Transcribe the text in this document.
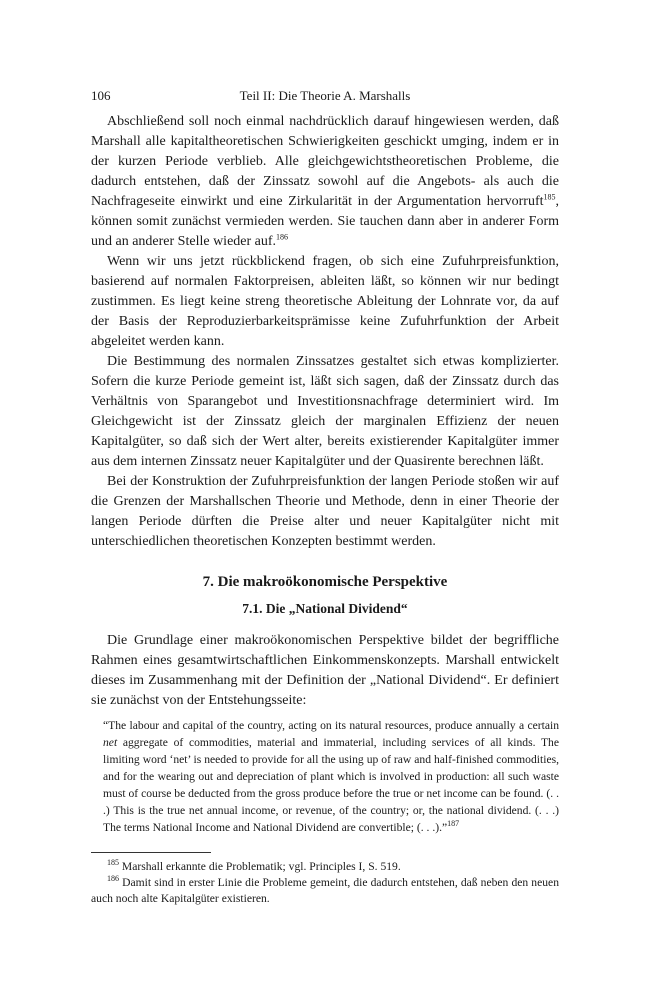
106	Teil II: Die Theorie A. Marshalls

Abschließend soll noch einmal nachdrücklich darauf hingewiesen werden, daß Marshall alle kapitaltheoretischen Schwierigkeiten geschickt umging, indem er in der kurzen Periode verblieb. Alle gleichgewichtstheoretischen Probleme, die dadurch entstehen, daß der Zinssatz sowohl auf die Angebots- als auch die Nachfrageseite einwirkt und eine Zirkularität in der Argumentation hervorruft$^{185}$, können somit zunächst vermieden werden. Sie tauchen dann aber in anderer Form und an anderer Stelle wieder auf.$^{186}$

Wenn wir uns jetzt rückblickend fragen, ob sich eine Zufuhrpreisfunktion, basierend auf normalen Faktorpreisen, ableiten läßt, so können wir nur bedingt zustimmen. Es liegt keine streng theoretische Ableitung der Lohnrate vor, da auf der Basis der Reproduzierbarkeitsprämisse keine Zufuhrfunktion der Arbeit abgeleitet werden kann.

Die Bestimmung des normalen Zinssatzes gestaltet sich etwas komplizierter. Sofern die kurze Periode gemeint ist, läßt sich sagen, daß der Zinssatz durch das Verhältnis von Sparangebot und Investitionsnachfrage determiniert wird. Im Gleichgewicht ist der Zinssatz gleich der marginalen Effizienz der neuen Kapitalgüter, so daß sich der Wert alter, bereits existierender Kapitalgüter immer aus dem internen Zinssatz neuer Kapitalgüter und der Quasirente berechnen läßt.

Bei der Konstruktion der Zufuhrpreisfunktion der langen Periode stoßen wir auf die Grenzen der Marshallschen Theorie und Methode, denn in einer Theorie der langen Periode dürften die Preise alter und neuer Kapitalgüter nicht mit unterschiedlichen theoretischen Konzepten bestimmt werden.

7. Die makroökonomische Perspektive
7.1. Die „National Dividend“

Die Grundlage einer makroökonomischen Perspektive bildet der begriffliche Rahmen eines gesamtwirtschaftlichen Einkommenskonzepts. Marshall entwickelt dieses im Zusammenhang mit der Definition der „National Dividend“. Er definiert sie zunächst von der Entstehungsseite:

“The labour and capital of the country, acting on its natural resources, produce annually a certain net aggregate of commodities, material and immaterial, including services of all kinds. The limiting word ‘net’ is needed to provide for all the using up of raw and half-finished commodities, and for the wearing out and depreciation of plant which is involved in production: all such waste must of course be deducted from the gross produce before the true or net income can be found. (. . .) This is the true net annual income, or revenue, of the country; or, the national dividend. (. . .) The terms National Income and National Dividend are convertible; (. . .).”$^{187}$

$^{185}$ Marshall erkannte die Problematik; vgl. Principles I, S. 519.

$^{186}$ Damit sind in erster Linie die Probleme gemeint, die dadurch entstehen, daß neben den neuen auch noch alte Kapitalgüter existieren.
